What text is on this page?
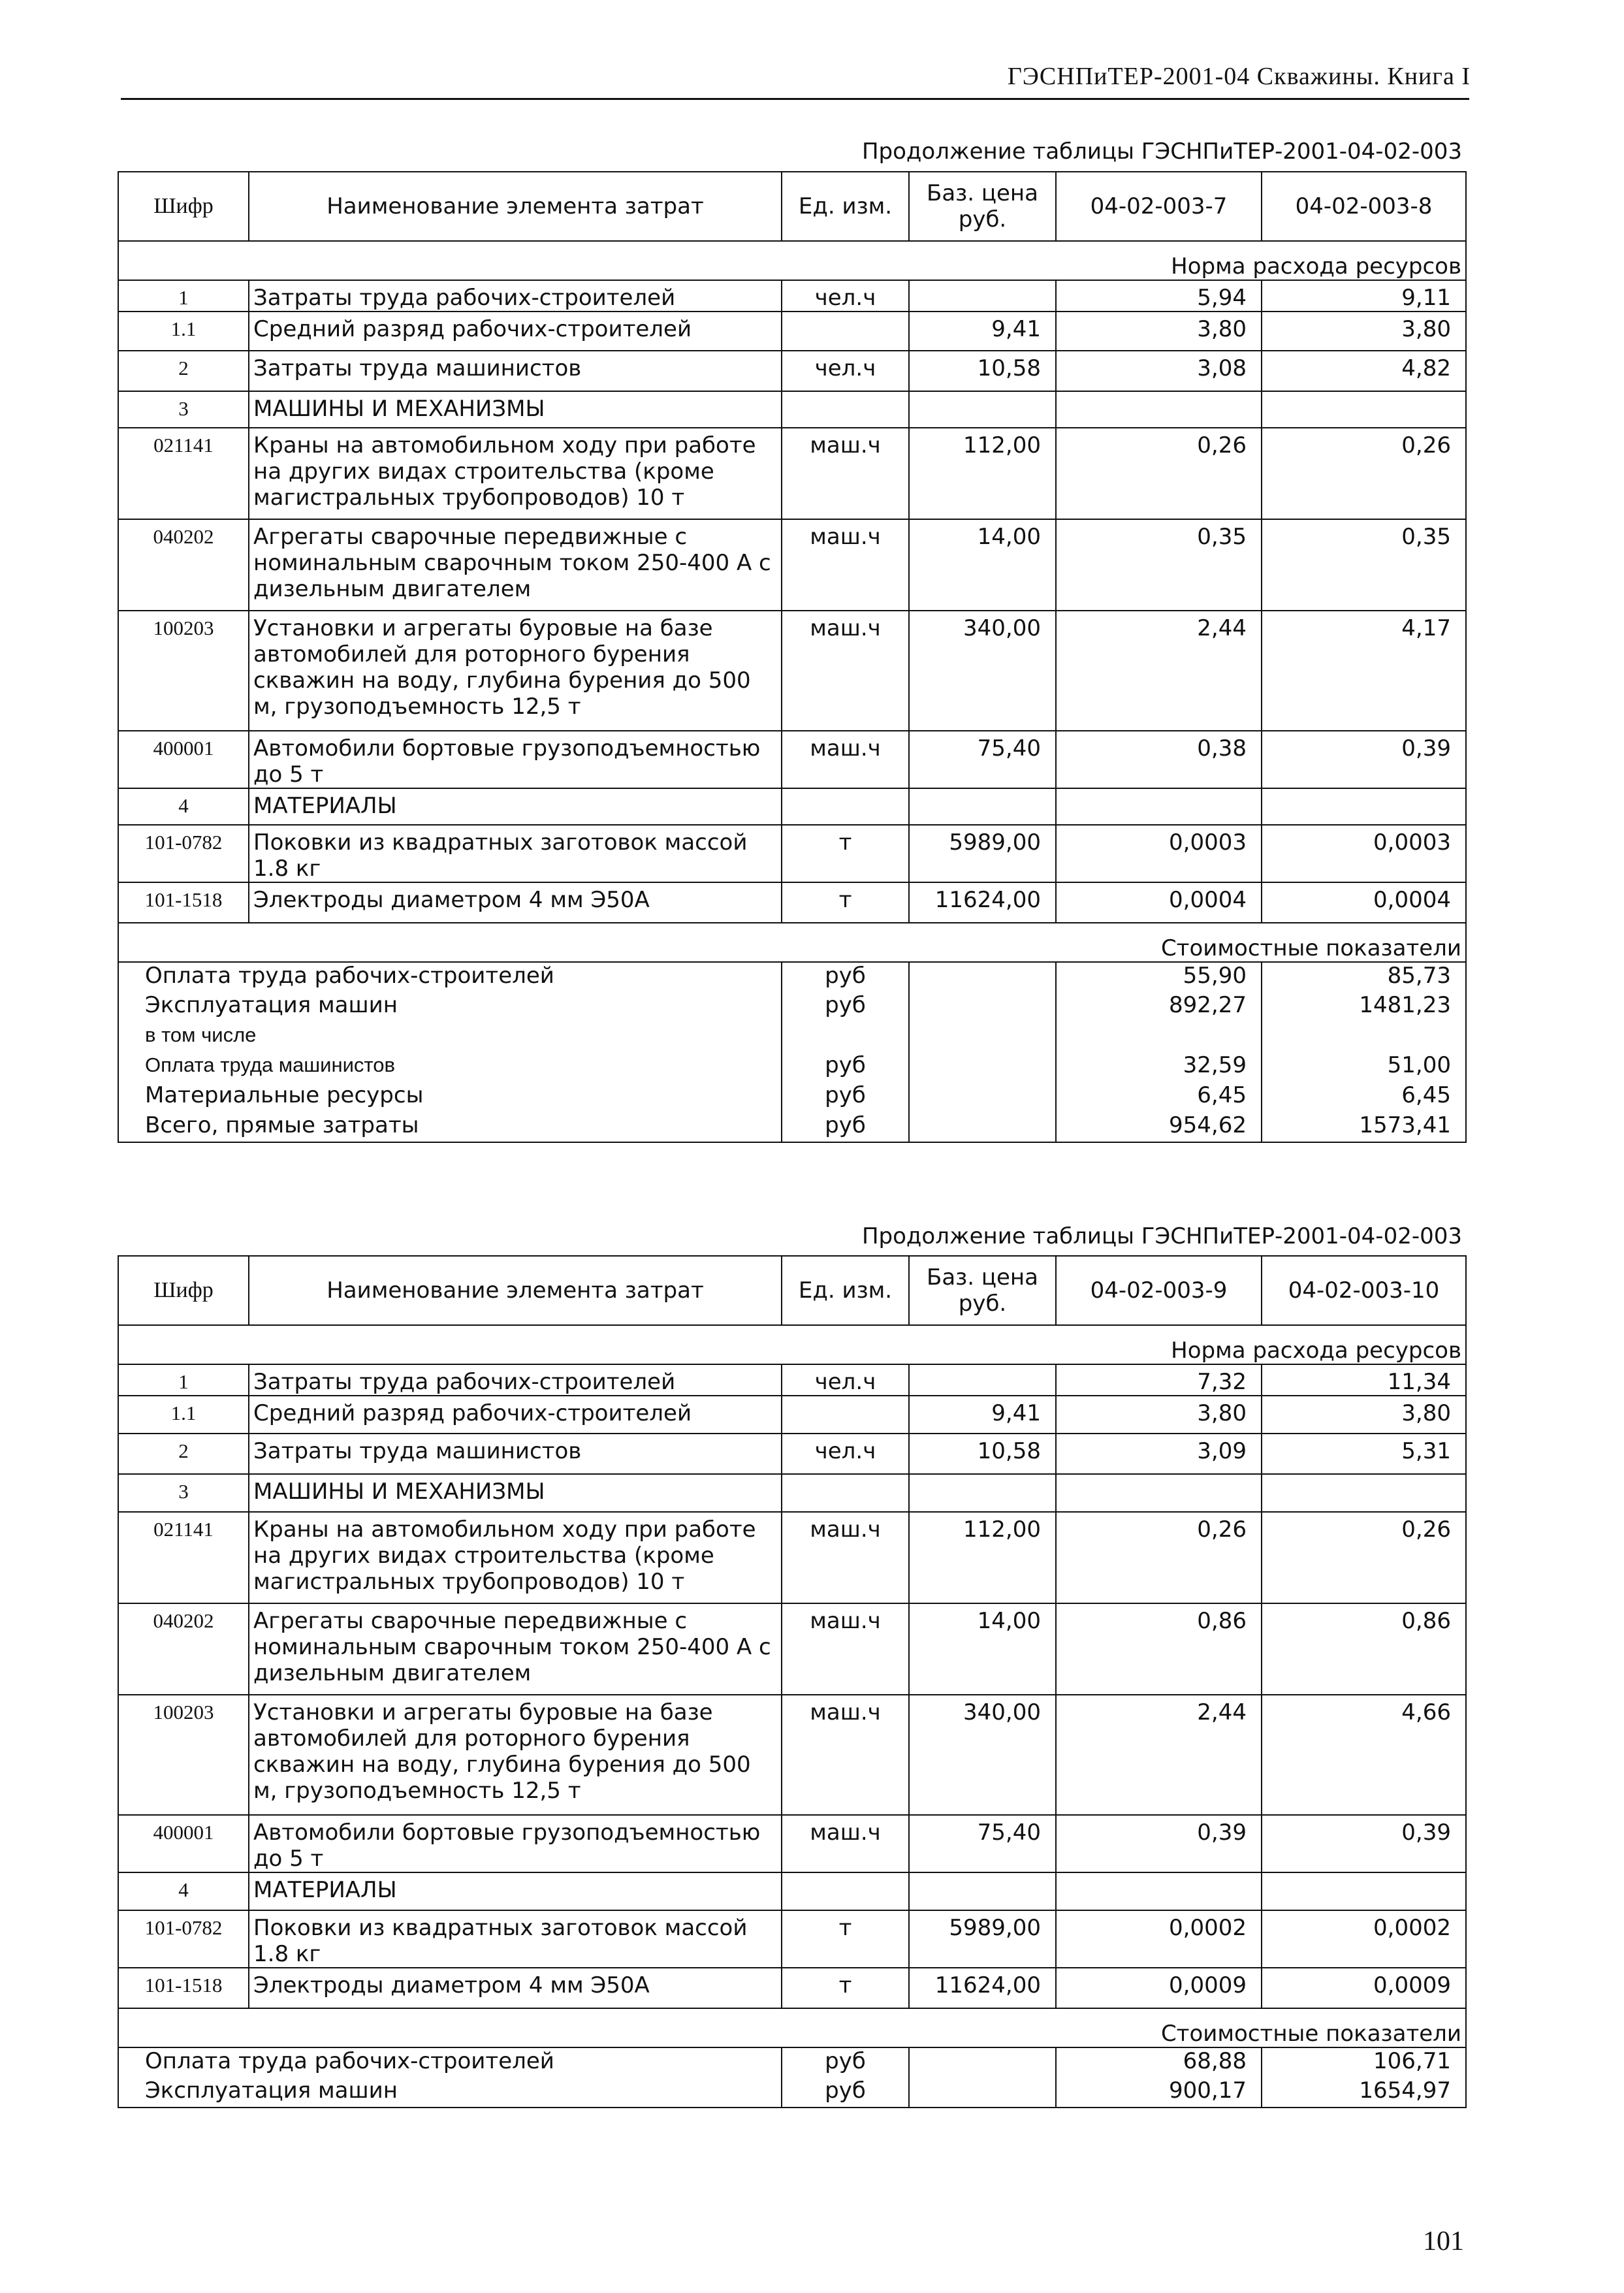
ГЭСНПиТЕР-2001-04 Скважины. Книга I
Продолжение таблицы ГЭСНПиТЕР-2001-04-02-003
Шифр	Наименование элемента затрат	Ед. изм.	Баз. цена руб.	04-02-003-7	04-02-003-8
Норма расхода ресурсов					
1	Затраты труда рабочих-строителей	чел.ч		5,94	9,11
1.1	Средний разряд рабочих-строителей		9,41	3,80	3,80
2	Затраты труда машинистов	чел.ч	10,58	3,08	4,82
3	МАШИНЫ И МЕХАНИЗМЫ				
021141	Краны на автомобильном ходу при работе на других видах строительства (кроме магистральных трубопроводов) 10 т	маш.ч	112,00	0,26	0,26
040202	Агрегаты сварочные передвижные с номинальным сварочным током 250-400 А с дизельным двигателем	маш.ч	14,00	0,35	0,35
100203	Установки и агрегаты буровые на базе автомобилей для роторного бурения скважин на воду, глубина бурения до 500 м, грузоподъемность 12,5 т	маш.ч	340,00	2,44	4,17
400001	Автомобили бортовые грузоподъемностью до 5 т	маш.ч	75,40	0,38	0,39
4	МАТЕРИАЛЫ				
101-0782	Поковки из квадратных заготовок массой 1.8 кг	т	5989,00	0,0003	0,0003
101-1518	Электроды диаметром 4 мм Э50А	т	11624,00	0,0004	0,0004
Стоимостные показатели					
Оплата труда рабочих-строителей		руб		55,90	85,73
Эксплуатация машин		руб		892,27	1481,23
в том числе					
Оплата труда машинистов		руб		32,59	51,00
Материальные ресурсы		руб		6,45	6,45
Всего, прямые затраты		руб		954,62	1573,41
Продолжение таблицы ГЭСНПиТЕР-2001-04-02-003
Шифр	Наименование элемента затрат	Ед. изм.	Баз. цена руб.	04-02-003-9	04-02-003-10
Норма расхода ресурсов					
1	Затраты труда рабочих-строителей	чел.ч		7,32	11,34
1.1	Средний разряд рабочих-строителей		9,41	3,80	3,80
2	Затраты труда машинистов	чел.ч	10,58	3,09	5,31
3	МАШИНЫ И МЕХАНИЗМЫ				
021141	Краны на автомобильном ходу при работе на других видах строительства (кроме магистральных трубопроводов) 10 т	маш.ч	112,00	0,26	0,26
040202	Агрегаты сварочные передвижные с номинальным сварочным током 250-400 А с дизельным двигателем	маш.ч	14,00	0,86	0,86
100203	Установки и агрегаты буровые на базе автомобилей для роторного бурения скважин на воду, глубина бурения до 500 м, грузоподъемность 12,5 т	маш.ч	340,00	2,44	4,66
400001	Автомобили бортовые грузоподъемностью до 5 т	маш.ч	75,40	0,39	0,39
4	МАТЕРИАЛЫ				
101-0782	Поковки из квадратных заготовок массой 1.8 кг	т	5989,00	0,0002	0,0002
101-1518	Электроды диаметром 4 мм Э50А	т	11624,00	0,0009	0,0009
Стоимостные показатели					
Оплата труда рабочих-строителей		руб		68,88	106,71
Эксплуатация машин		руб		900,17	1654,97
101
